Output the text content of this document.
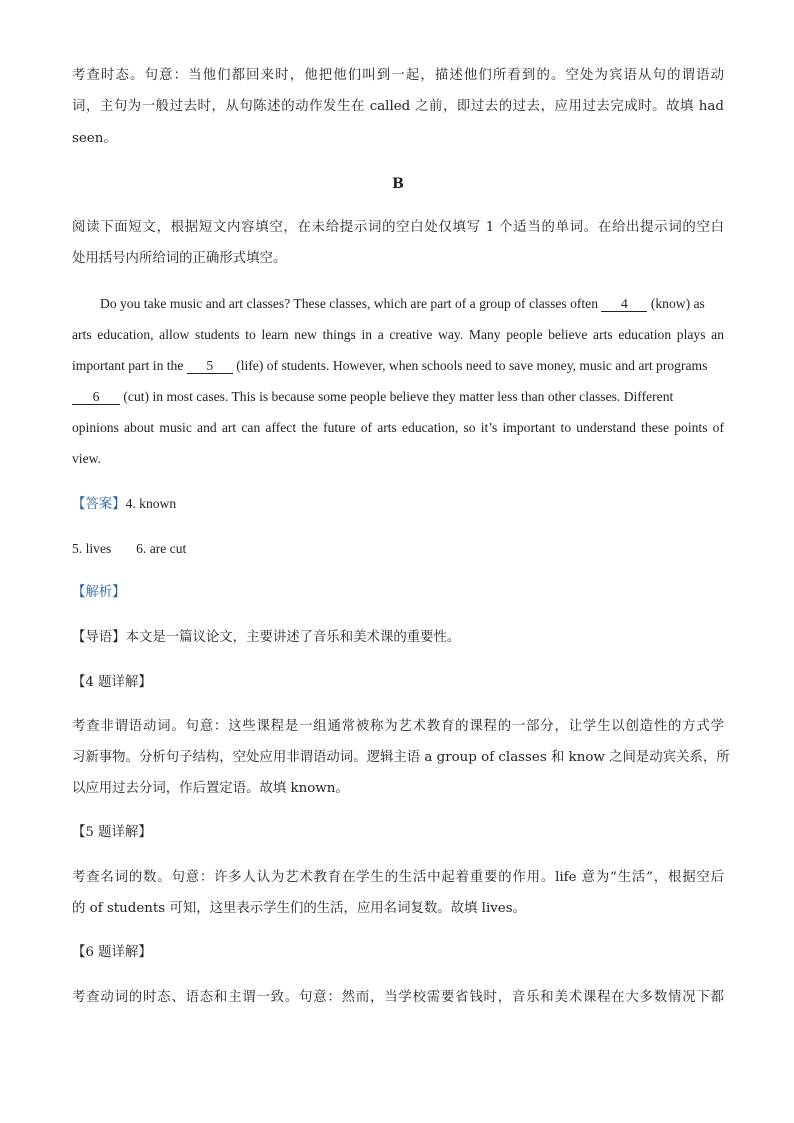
考查时态。句意：当他们都回来时，他把他们叫到一起，描述他们所看到的。空处为宾语从句的谓语动
词，主句为一般过去时，从句陈述的动作发生在 called 之前，即过去的过去，应用过去完成时。故填 had
seen。
B
阅读下面短文，根据短文内容填空，在未给提示词的空白处仅填写 1 个适当的单词。在给出提示词的空白
处用括号内所给词的正确形式填空。
Do you take music and art classes? These classes, which are part of a group of classes often 4 (know) as
arts education, allow students to learn new things in a creative way. Many people believe arts education plays an
important part in the 5 (life) of students. However, when schools need to save money, music and art programs
6 (cut) in most cases. This is because some people believe they matter less than other classes. Different
opinions about music and art can affect the future of arts education, so it’s important to understand these points of
view.
【答案】4. known
5. lives 6. are cut
【解析】
【导语】本文是一篇议论文，主要讲述了音乐和美术课的重要性。
【4 题详解】
考查非谓语动词。句意：这些课程是一组通常被称为艺术教育的课程的一部分，让学生以创造性的方式学
习新事物。分析句子结构，空处应用非谓语动词。逻辑主语 a group of classes 和 know 之间是动宾关系，所
以应用过去分词，作后置定语。故填 known。
【5 题详解】
考查名词的数。句意：许多人认为艺术教育在学生的生活中起着重要的作用。life 意为“生活”，根据空后
的 of students 可知，这里表示学生们的生活，应用名词复数。故填 lives。
【6 题详解】
考查动词的时态、语态和主谓一致。句意：然而，当学校需要省钱时，音乐和美术课程在大多数情况下都
